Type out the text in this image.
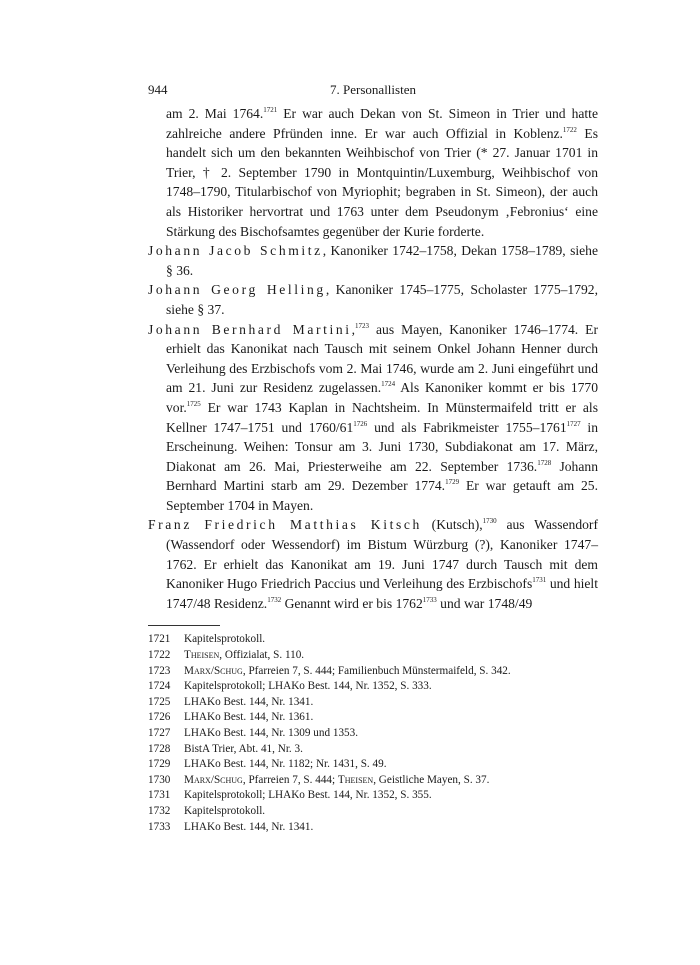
944	7. Personallisten

am 2. Mai 1764.$^{1721}$ Er war auch Dekan von St. Simeon in Trier und hatte zahlreiche andere Pfründen inne. Er war auch Offizial in Koblenz.$^{1722}$ Es handelt sich um den bekannten Weihbischof von Trier (* 27. Januar 1701 in Trier, † 2. September 1790 in Montquintin/Luxemburg, Weihbischof von 1748–1790, Titularbischof von Myriophit; begraben in St. Simeon), der auch als Historiker hervortrat und 1763 unter dem Pseudonym ‚Febronius‘ eine Stärkung des Bischofsamtes gegenüber der Kurie forderte.

Johann Jacob Schmitz, Kanoniker 1742–1758, Dekan 1758–1789, siehe § 36.

Johann Georg Helling, Kanoniker 1745–1775, Scholaster 1775–1792, siehe § 37.

Johann Bernhard Martini,$^{1723}$ aus Mayen, Kanoniker 1746–1774. Er erhielt das Kanonikat nach Tausch mit seinem Onkel Johann Henner durch Verleihung des Erzbischofs vom 2. Mai 1746, wurde am 2. Juni eingeführt und am 21. Juni zur Residenz zugelassen.$^{1724}$ Als Kanoniker kommt er bis 1770 vor.$^{1725}$ Er war 1743 Kaplan in Nachtsheim. In Münstermaifeld tritt er als Kellner 1747–1751 und $1760/61^{1726}$ und als Fabrikmeister $1755-1761^{1727}$ in Erscheinung. Weihen: Tonsur am 3. Juni 1730, Subdiakonat am 17. März, Diakonat am 26. Mai, Priesterweihe am 22. September 1736.$^{1728}$ Johann Bernhard Martini starb am 29. Dezember 1774.$^{1729}$ Er war getauft am 25. September 1704 in Mayen.

Franz Friedrich Matthias Kitsch (Kutsch),$^{1730}$ aus Wassendorf (Wassendorf oder Wessendorf) im Bistum Würzburg (?), Kanoniker 1747–1762. Er erhielt das Kanonikat am 19. Juni 1747 durch Tausch mit dem Kanoniker Hugo Friedrich Paccius und Verleihung des Erzbischofs$^{1731}$ und hielt 1747/48 Residenz.$^{1732}$ Genannt wird er bis $1762^{1733}$ und war 1748/49

1721	Kapitelsprotokoll.
1722	Theisen, Offizialat, S. 110.
1723	Marx/Schug, Pfarreien 7, S. 444; Familienbuch Münstermaifeld, S. 342.
1724	Kapitelsprotokoll; LHAKo Best. 144, Nr. 1352, S. 333.
1725	LHAKo Best. 144, Nr. 1341.
1726	LHAKo Best. 144, Nr. 1361.
1727	LHAKo Best. 144, Nr. 1309 und 1353.
1728	BistA Trier, Abt. 41, Nr. 3.
1729	LHAKo Best. 144, Nr. 1182; Nr. 1431, S. 49.
1730	Marx/Schug, Pfarreien 7, S. 444; Theisen, Geistliche Mayen, S. 37.
1731	Kapitelsprotokoll; LHAKo Best. 144, Nr. 1352, S. 355.
1732	Kapitelsprotokoll.
1733	LHAKo Best. 144, Nr. 1341.
